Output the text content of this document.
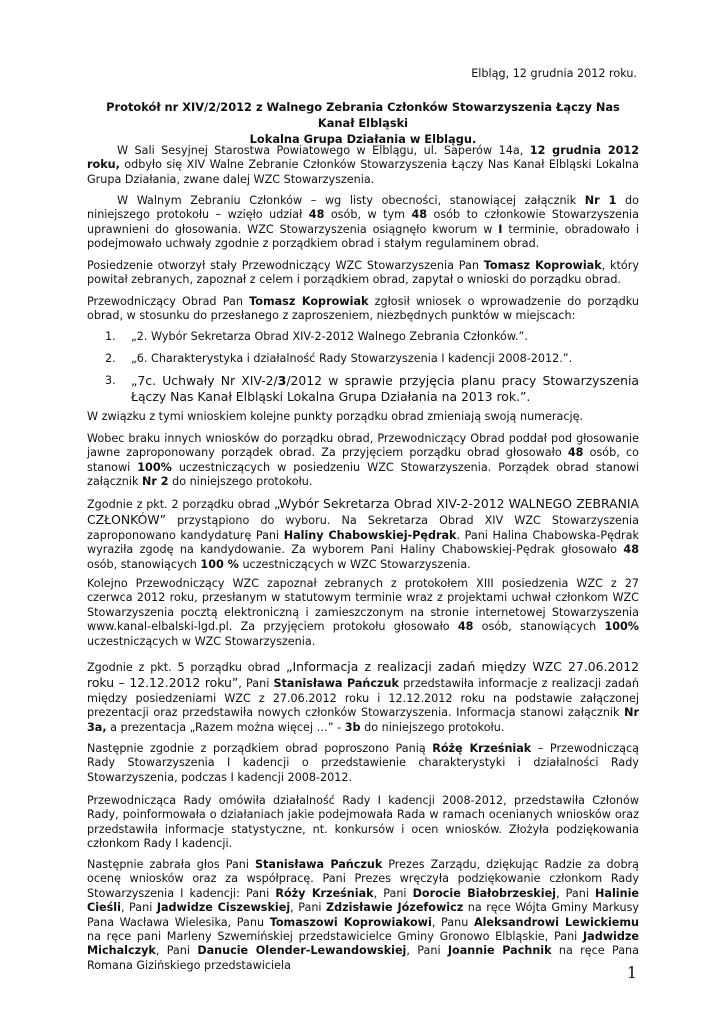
Elbląg, 12 grudnia 2012 roku.
Protokół nr XIV/2/2012 z Walnego Zebrania Członków Stowarzyszenia Łączy Nas Kanał Elbląski
Lokalna Grupa Działania w Elblągu.

W Sali Sesyjnej Starostwa Powiatowego w Elblągu, ul. Saperów 14a, 12 grudnia 2012 roku, odbyło się XIV Walne Zebranie Członków Stowarzyszenia Łączy Nas Kanał Elbląski Lokalna Grupa Działania, zwane dalej WZC Stowarzyszenia.

W Walnym Zebraniu Członków – wg listy obecności, stanowiącej załącznik Nr 1 do niniejszego protokołu – wzięło udział 48 osób, w tym 48 osób to członkowie Stowarzyszenia uprawnieni do głosowania. WZC Stowarzyszenia osiągnęło kworum w I terminie, obradowało i podejmowało uchwały zgodnie z porządkiem obrad i stałym regulaminem obrad.

Posiedzenie otworzył stały Przewodniczący WZC Stowarzyszenia Pan Tomasz Koprowiak, który powitał zebranych, zapoznał z celem i porządkiem obrad, zapytał o wnioski do porządku obrad.

Przewodniczący Obrad Pan Tomasz Koprowiak zgłosił wniosek o wprowadzenie do porządku obrad, w stosunku do przesłanego z zaproszeniem, niezbędnych punktów w miejscach:

1.	„2. Wybór Sekretarza Obrad XIV-2-2012 Walnego Zebrania Członków.”.
2.	„6. Charakterystyka i działalność Rady Stowarzyszenia I kadencji 2008-2012.”.
3.	„7c. Uchwały Nr XIV-2/3/2012 w sprawie przyjęcia planu pracy Stowarzyszenia Łączy Nas Kanał Elbląski Lokalna Grupa Działania na 2013 rok.”.

W związku z tymi wnioskiem kolejne punkty porządku obrad zmieniają swoją numerację.

Wobec braku innych wniosków do porządku obrad, Przewodniczący Obrad poddał pod głosowanie jawne zaproponowany porządek obrad. Za przyjęciem porządku obrad głosowało 48 osób, co stanowi 100% uczestniczących w posiedzeniu WZC Stowarzyszenia. Porządek obrad stanowi załącznik Nr 2 do niniejszego protokołu.

Zgodnie z pkt. 2 porządku obrad „Wybór Sekretarza Obrad XIV-2-2012 WALNEGO ZEBRANIA CZŁONKÓW” przystąpiono do wyboru. Na Sekretarza Obrad XIV WZC Stowarzyszenia zaproponowano kandydaturę Pani Haliny Chabowskiej-Pędrak. Pani Halina Chabowska-Pędrak wyraziła zgodę na kandydowanie. Za wyborem Pani Haliny Chabowskiej-Pędrak głosowało 48 osób, stanowiących 100 % uczestniczących w WZC Stowarzyszenia.

Kolejno Przewodniczący WZC zapoznał zebranych z protokołem XIII posiedzenia WZC z 27 czerwca 2012 roku, przesłanym w statutowym terminie wraz z projektami uchwał członkom WZC Stowarzyszenia pocztą elektroniczną i zamieszczonym na stronie internetowej Stowarzyszenia www.kanal-elbalski-lgd.pl. Za przyjęciem protokołu głosowało 48 osób, stanowiących 100% uczestniczących w WZC Stowarzyszenia.

Zgodnie z pkt. 5 porządku obrad „Informacja z realizacji zadań między WZC 27.06.2012 roku – 12.12.2012 roku”, Pani Stanisława Pańczuk przedstawiła informacje z realizacji zadań między posiedzeniami WZC z 27.06.2012 roku i 12.12.2012 roku na podstawie załączonej prezentacji oraz przedstawiła nowych członków Stowarzyszenia. Informacja stanowi załącznik Nr 3a, a prezentacja „Razem można więcej …” - 3b do niniejszego protokołu.

Następnie zgodnie z porządkiem obrad poproszono Panią Różę Krześniak – Przewodniczącą Rady Stowarzyszenia I kadencji o przedstawienie charakterystyki i działalności Rady Stowarzyszenia, podczas I kadencji 2008-2012.

Przewodnicząca Rady omówiła działalność Rady I kadencji 2008-2012, przedstawiła Członów Rady, poinformowała o działaniach jakie podejmowała Rada w ramach ocenianych wniosków oraz przedstawiła informacje statystyczne, nt. konkursów i ocen wniosków. Złożyła podziękowania członkom Rady I kadencji.

Następnie zabrała głos Pani Stanisława Pańczuk Prezes Zarządu, dziękując Radzie za dobrą ocenę wniosków oraz za współpracę. Pani Prezes wręczyła podziękowanie członkom Rady Stowarzyszenia I kadencji: Pani Róży Krześniak, Pani Dorocie Białobrzeskiej, Pani Halinie Cieśli, Pani Jadwidze Ciszewskiej, Pani Zdzisławie Józefowicz na ręce Wójta Gminy Markusy Pana Wacława Wielesika, Panu Tomaszowi Koprowiakowi, Panu Aleksandrowi Lewickiemu na ręce pani Marleny Szwemińskiej przedstawicielce Gminy Gronowo Elbląskie, Pani Jadwidze Michalczyk, Pani Danucie Olender-Lewandowskiej, Pani Joannie Pachnik na ręce Pana Romana Gizińskiego przedstawiciela	1
